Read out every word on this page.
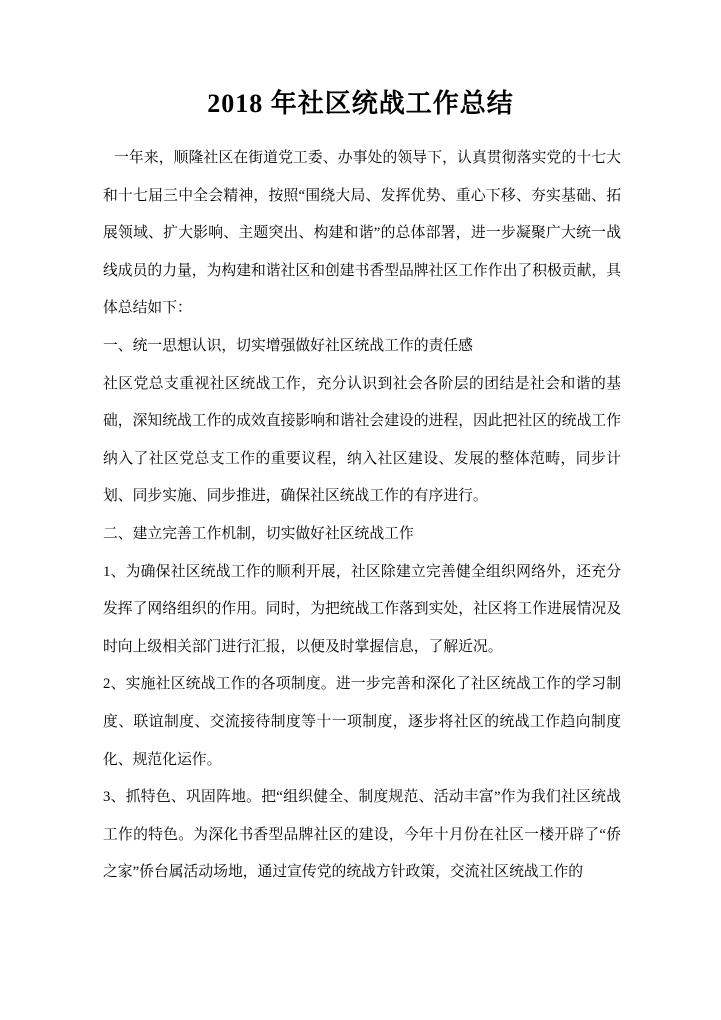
2018 年社区统战工作总结

一年来，顺隆社区在街道党工委、办事处的领导下，认真贯彻落实党的十七大和十七届三中全会精神，按照“围绕大局、发挥优势、重心下移、夯实基础、拓展领域、扩大影响、主题突出、构建和谐”的总体部署，进一步凝聚广大统一战线成员的力量，为构建和谐社区和创建书香型品牌社区工作作出了积极贡献，具体总结如下：

一、统一思想认识，切实增强做好社区统战工作的责任感

社区党总支重视社区统战工作，充分认识到社会各阶层的团结是社会和谐的基础，深知统战工作的成效直接影响和谐社会建设的进程，因此把社区的统战工作纳入了社区党总支工作的重要议程，纳入社区建设、发展的整体范畴，同步计划、同步实施、同步推进，确保社区统战工作的有序进行。

二、建立完善工作机制，切实做好社区统战工作

1、为确保社区统战工作的顺利开展，社区除建立完善健全组织网络外，还充分发挥了网络组织的作用。同时，为把统战工作落到实处，社区将工作进展情况及时向上级相关部门进行汇报，以便及时掌握信息，了解近况。

2、实施社区统战工作的各项制度。进一步完善和深化了社区统战工作的学习制度、联谊制度、交流接待制度等十一项制度，逐步将社区的统战工作趋向制度化、规范化运作。

3、抓特色、巩固阵地。把“组织健全、制度规范、活动丰富”作为我们社区统战工作的特色。为深化书香型品牌社区的建设，今年十月份在社区一楼开辟了“侨之家”侨台属活动场地，通过宣传党的统战方针政策，交流社区统战工作的
